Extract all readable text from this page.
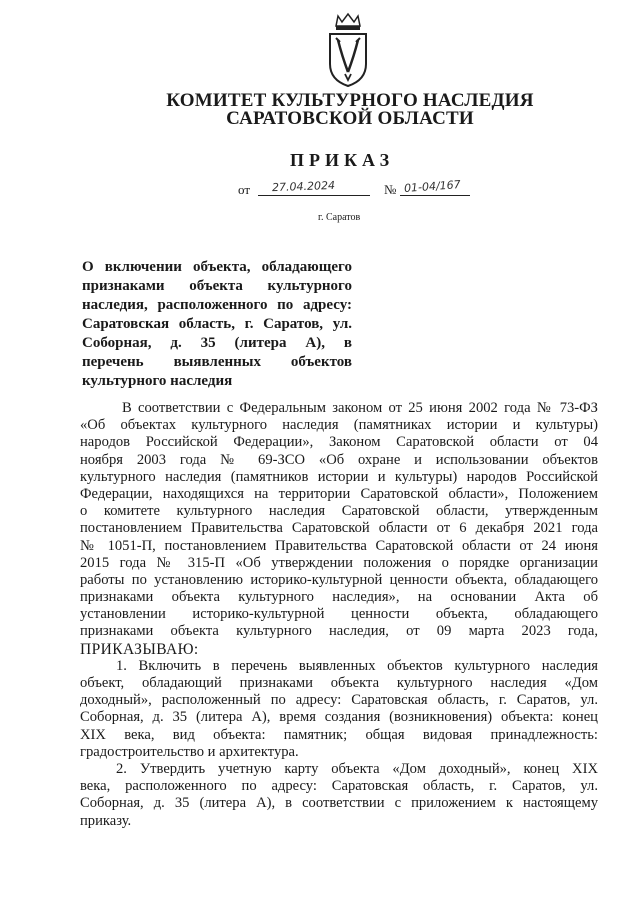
КОМИТЕТ КУЛЬТУРНОГО НАСЛЕДИЯ
САРАТОВСКОЙ ОБЛАСТИ
ПРИКАЗ
от 27.04.2024	№ 01-04/167
г. Саратов
О включении объекта, обладающего
признаками объекта культурного
наследия, расположенного по адресу:
Саратовская область, г. Саратов, ул.
Соборная, д. 35 (литера А), в
перечень выявленных объектов
культурного наследия
В соответствии с Федеральным законом от 25 июня 2002 года № 73-ФЗ
«Об объектах культурного наследия (памятниках истории и культуры)
народов Российской Федерации», Законом Саратовской области от 04
ноября 2003 года № 69-ЗСО «Об охране и использовании объектов
культурного наследия (памятников истории и культуры) народов Российской
Федерации, находящихся на территории Саратовской области», Положением
о комитете культурного наследия Саратовской области, утвержденным
постановлением Правительства Саратовской области от 6 декабря 2021 года
№ 1051-П, постановлением Правительства Саратовской области от 24 июня
2015 года № 315-П «Об утверждении положения о порядке организации
работы по установлению историко-культурной ценности объекта, обладающего
признаками объекта культурного наследия», на основании Акта об
установлении историко-культурной ценности объекта, обладающего
признаками объекта культурного наследия, от 09 марта 2023 года,
ПРИКАЗЫВАЮ:
1. Включить в перечень выявленных объектов культурного наследия
объект, обладающий признаками объекта культурного наследия «Дом
доходный», расположенный по адресу: Саратовская область, г. Саратов, ул.
Соборная, д. 35 (литера А), время создания (возникновения) объекта: конец
XIX века, вид объекта: памятник; общая видовая принадлежность:
градостроительство и архитектура.
2. Утвердить учетную карту объекта «Дом доходный», конец XIX
века, расположенного по адресу: Саратовская область, г. Саратов, ул.
Соборная, д. 35 (литера А), в соответствии с приложением к настоящему
приказу.
